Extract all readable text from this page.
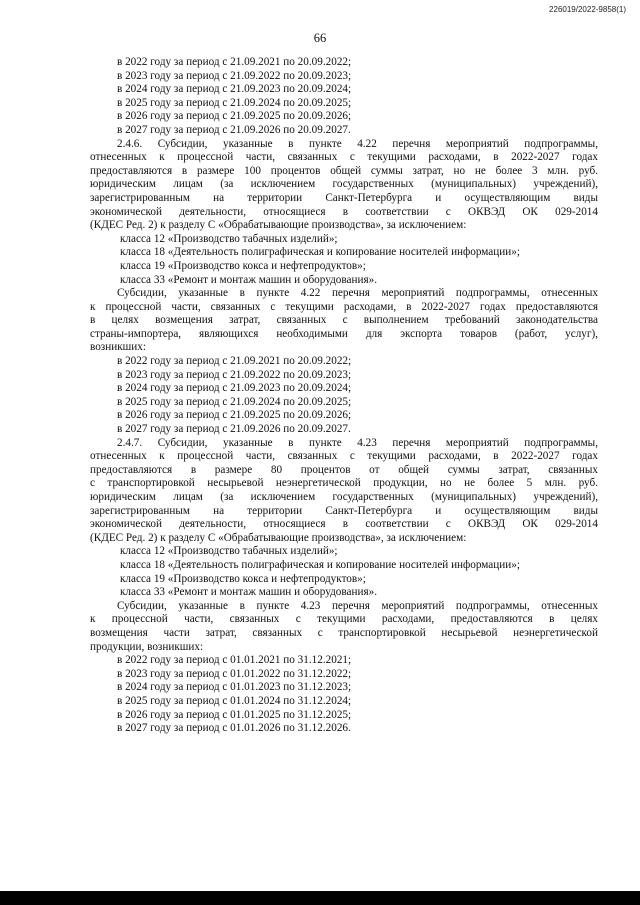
226019/2022-9858(1)
66
в 2022 году за период с 21.09.2021 по 20.09.2022;
в 2023 году за период с 21.09.2022 по 20.09.2023;
в 2024 году за период с 21.09.2023 по 20.09.2024;
в 2025 году за период с 21.09.2024 по 20.09.2025;
в 2026 году за период с 21.09.2025 по 20.09.2026;
в 2027 году за период с 21.09.2026 по 20.09.2027.
2.4.6. Субсидии, указанные в пункте 4.22 перечня мероприятий подпрограммы,
отнесенных к процессной части, связанных с текущими расходами, в 2022-2027 годах
предоставляются в размере 100 процентов общей суммы затрат, но не более 3 млн. руб.
юридическим лицам (за исключением государственных (муниципальных) учреждений),
зарегистрированным на территории Санкт-Петербурга и осуществляющим виды
экономической деятельности, относящиеся в соответствии с ОКВЭД ОК 029-2014
(КДЕС Ред. 2) к разделу С «Обрабатывающие производства», за исключением:
класса 12 «Производство табачных изделий»;
класса 18 «Деятельность полиграфическая и копирование носителей информации»;
класса 19 «Производство кокса и нефтепродуктов»;
класса 33 «Ремонт и монтаж машин и оборудования».
Субсидии, указанные в пункте 4.22 перечня мероприятий подпрограммы, отнесенных
к процессной части, связанных с текущими расходами, в 2022-2027 годах предоставляются
в целях возмещения затрат, связанных с выполнением требований законодательства
страны-импортера, являющихся необходимыми для экспорта товаров (работ, услуг),
возникших:
в 2022 году за период с 21.09.2021 по 20.09.2022;
в 2023 году за период с 21.09.2022 по 20.09.2023;
в 2024 году за период с 21.09.2023 по 20.09.2024;
в 2025 году за период с 21.09.2024 по 20.09.2025;
в 2026 году за период с 21.09.2025 по 20.09.2026;
в 2027 году за период с 21.09.2026 по 20.09.2027.
2.4.7. Субсидии, указанные в пункте 4.23 перечня мероприятий подпрограммы,
отнесенных к процессной части, связанных с текущими расходами, в 2022-2027 годах
предоставляются в размере 80 процентов от общей суммы затрат, связанных
с транспортировкой несырьевой неэнергетической продукции, но не более 5 млн. руб.
юридическим лицам (за исключением государственных (муниципальных) учреждений),
зарегистрированным на территории Санкт-Петербурга и осуществляющим виды
экономической деятельности, относящиеся в соответствии с ОКВЭД ОК 029-2014
(КДЕС Ред. 2) к разделу С «Обрабатывающие производства», за исключением:
класса 12 «Производство табачных изделий»;
класса 18 «Деятельность полиграфическая и копирование носителей информации»;
класса 19 «Производство кокса и нефтепродуктов»;
класса 33 «Ремонт и монтаж машин и оборудования».
Субсидии, указанные в пункте 4.23 перечня мероприятий подпрограммы, отнесенных
к процессной части, связанных с текущими расходами, предоставляются в целях
возмещения части затрат, связанных с транспортировкой несырьевой неэнергетической
продукции, возникших:
в 2022 году за период с 01.01.2021 по 31.12.2021;
в 2023 году за период с 01.01.2022 по 31.12.2022;
в 2024 году за период с 01.01.2023 по 31.12.2023;
в 2025 году за период с 01.01.2024 по 31.12.2024;
в 2026 году за период с 01.01.2025 по 31.12.2025;
в 2027 году за период с 01.01.2026 по 31.12.2026.
